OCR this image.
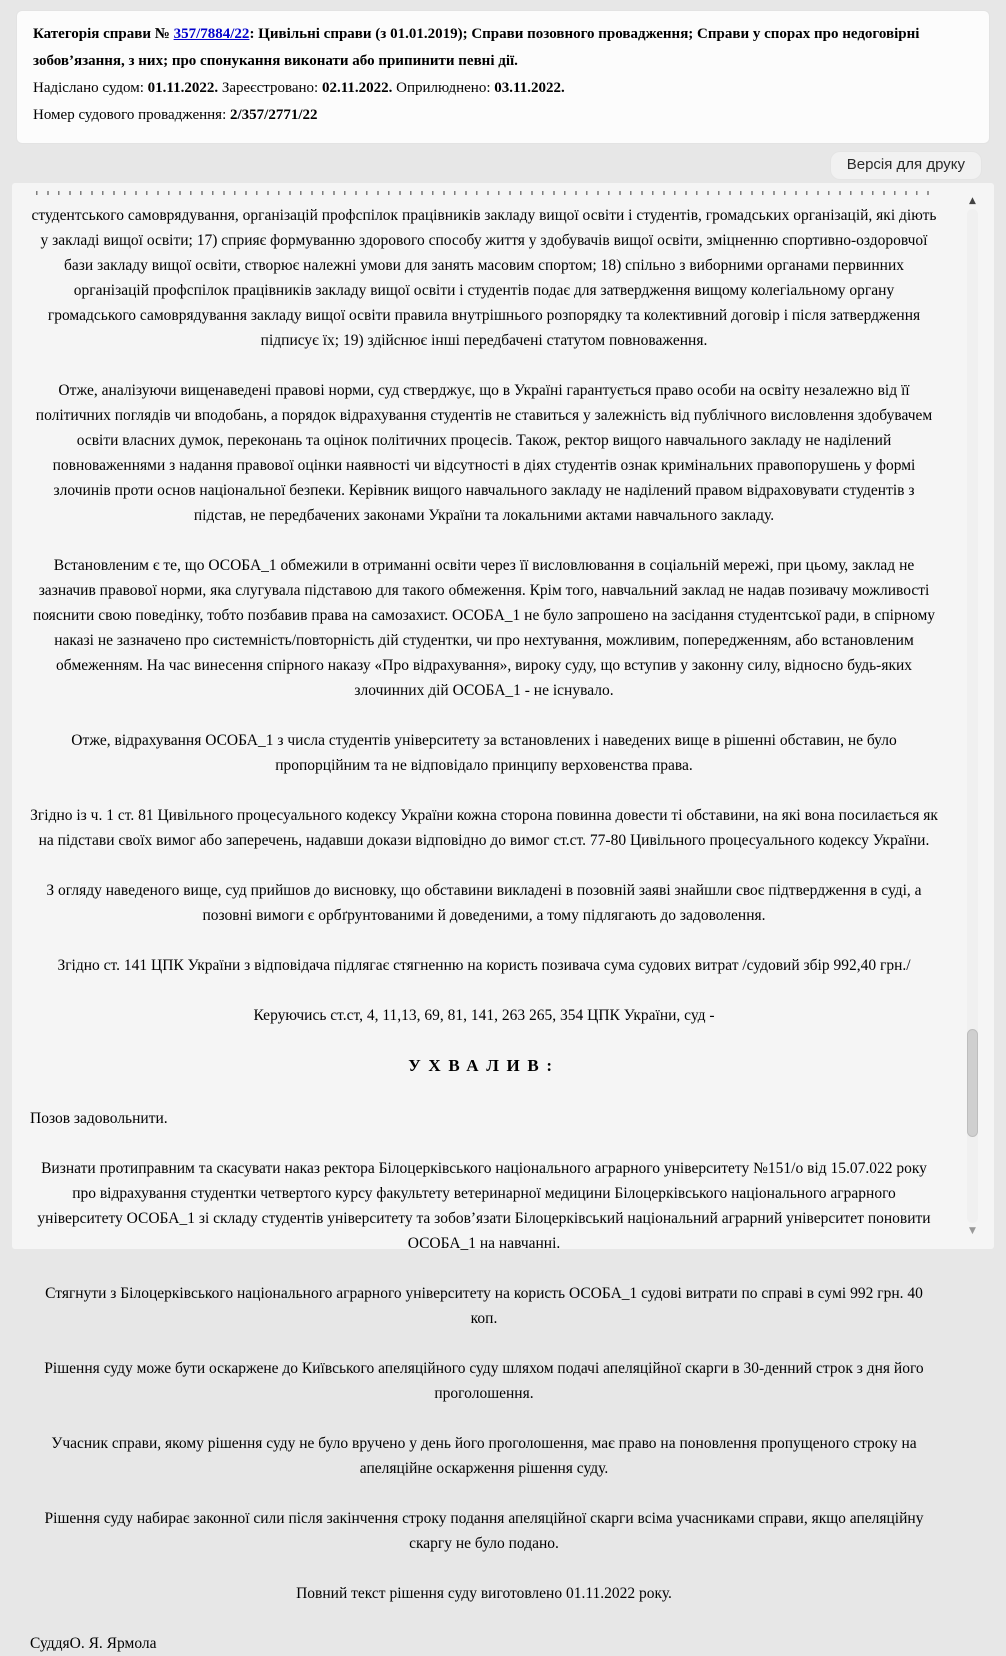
Категорія справи № 357/7884/22: Цивільні справи (з 01.01.2019); Справи позовного провадження; Справи у спорах про недоговірні зобов’язання, з них; про спонукання виконати або припинити певні дії.

Надіслано судом: 01.11.2022. Зареєстровано: 02.11.2022. Оприлюднено: 03.11.2022.

Номер судового провадження: 2/357/2771/22

Версія для друку

студентського самоврядування, організацій профспілок працівників закладу вищої освіти і студентів, громадських організацій, які діють у закладі вищої освіти; 17) сприяє формуванню здорового способу життя у здобувачів вищої освіти, зміцненню спортивно-оздоровчої бази закладу вищої освіти, створює належні умови для занять масовим спортом; 18) спільно з виборними органами первинних організацій профспілок працівників закладу вищої освіти і студентів подає для затвердження вищому колегіальному органу громадського самоврядування закладу вищої освіти правила внутрішнього розпорядку та колективний договір і після затвердження підписує їх; 19) здійснює інші передбачені статутом повноваження.

Отже, аналізуючи вищенаведені правові норми, суд стверджує, що в Україні гарантується право особи на освіту незалежно від її політичних поглядів чи вподобань, а порядок відрахування студентів не ставиться у залежність від публічного висловлення здобувачем освіти власних думок, переконань та оцінок політичних процесів. Також, ректор вищого навчального закладу не наділений повноваженнями з надання правової оцінки наявності чи відсутності в діях студентів ознак кримінальних правопорушень у формі злочинів проти основ національної безпеки. Керівник вищого навчального закладу не наділений правом відраховувати студентів з підстав, не передбачених законами України та локальними актами навчального закладу.

Встановленим є те, що ОСОБА_1 обмежили в отриманні освіти через її висловлювання в соціальній мережі, при цьому, заклад не зазначив правової норми, яка слугувала підставою для такого обмеження. Крім того, навчальний заклад не надав позивачу можливості пояснити свою поведінку, тобто позбавив права на самозахист. ОСОБА_1 не було запрошено на засідання студентської ради, в спірному наказі не зазначено про системність/повторність дій студентки, чи про нехтування, можливим, попередженням, або встановленим обмеженням. На час винесення спірного наказу «Про відрахування», вироку суду, що вступив у законну силу, відносно будь-яких злочинних дій ОСОБА_1 - не існувало.

Отже, відрахування ОСОБА_1 з числа студентів університету за встановлених і наведених вище в рішенні обставин, не було пропорційним та не відповідало принципу верховенства права.

Згідно із ч. 1 ст. 81 Цивільного процесуального кодексу України кожна сторона повинна довести ті обставини, на які вона посилається як на підстави своїх вимог або заперечень, надавши докази відповідно до вимог ст.ст. 77-80 Цивільного процесуального кодексу України.

З огляду наведеного вище, суд прийшов до висновку, що обставини викладені в позовній заяві знайшли своє підтвердження в суді, а позовні вимоги є орбґрунтованими й доведеними, а тому підлягають до задоволення.

Згідно ст. 141 ЦПК України з відповідача підлягає стягненню на користь позивача сума судових витрат /судовий збір 992,40 грн./

Керуючись ст.ст, 4, 11,13, 69, 81, 141, 263 265, 354 ЦПК України, суд -

УХВАЛИВ:

Позов задовольнити.

Визнати протиправним та скасувати наказ ректора Білоцерківського національного аграрного університету №151/о від 15.07.022 року про відрахування студентки четвертого курсу факультету ветеринарної медицини Білоцерківського національного аграрного університету ОСОБА_1 зі складу студентів університету та зобов’язати Білоцерківський національний аграрний університет поновити ОСОБА_1 на навчанні.

Стягнути з Білоцерківського національного аграрного університету на користь ОСОБА_1 судові витрати по справі в сумі 992 грн. 40 коп.

Рішення суду може бути оскаржене до Київського апеляційного суду шляхом подачі апеляційної скарги в 30-денний строк з дня його проголошення.

Учасник справи, якому рішення суду не було вручено у день його проголошення, має право на поновлення пропущеного строку на апеляційне оскарження рішення суду.

Рішення суду набирає законної сили після закінчення строку подання апеляційної скарги всіма учасниками справи, якщо апеляційну скаргу не було подано.

Повний текст рішення суду виготовлено 01.11.2022 року.

СуддяО. Я. Ярмола

▲
▼
